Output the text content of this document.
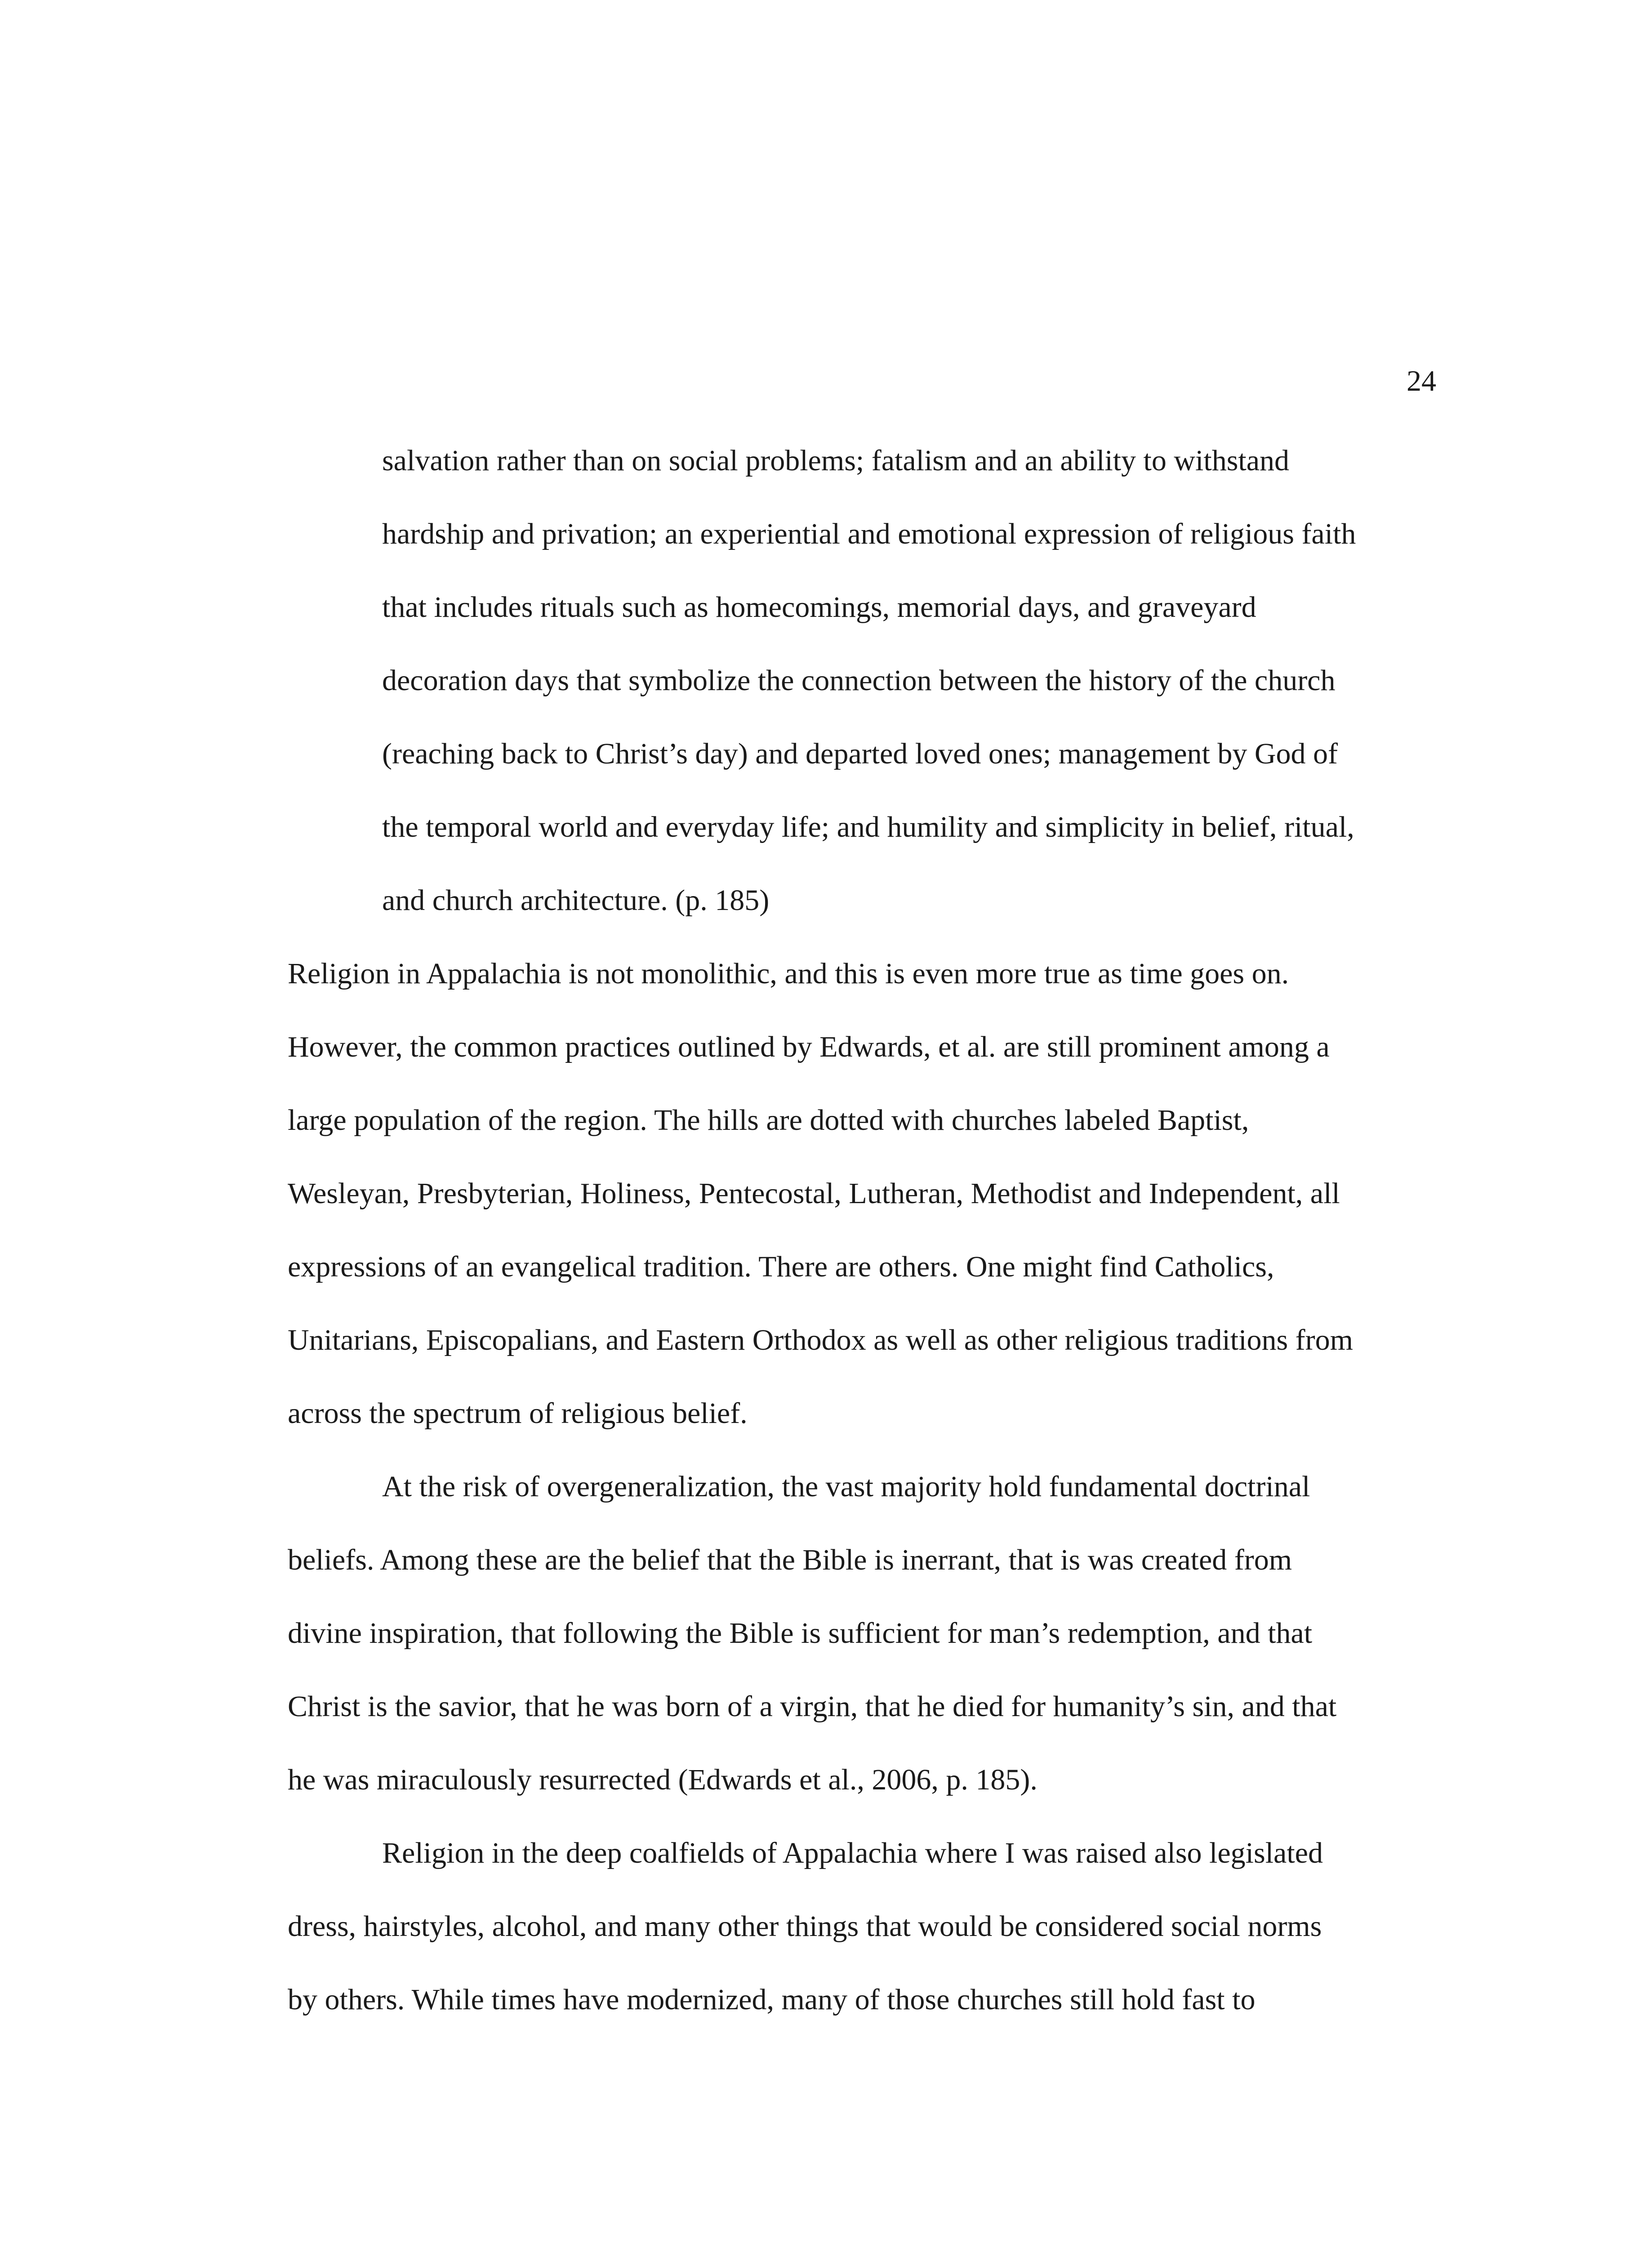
24
salvation rather than on social problems; fatalism and an ability to withstand
hardship and privation; an experiential and emotional expression of religious faith
that includes rituals such as homecomings, memorial days, and graveyard
decoration days that symbolize the connection between the history of the church
(reaching back to Christ’s day) and departed loved ones; management by God of
the temporal world and everyday life; and humility and simplicity in belief, ritual,
and church architecture. (p. 185)
Religion in Appalachia is not monolithic, and this is even more true as time goes on.
However, the common practices outlined by Edwards, et al. are still prominent among a
large population of the region. The hills are dotted with churches labeled Baptist,
Wesleyan, Presbyterian, Holiness, Pentecostal, Lutheran, Methodist and Independent, all
expressions of an evangelical tradition. There are others. One might find Catholics,
Unitarians, Episcopalians, and Eastern Orthodox as well as other religious traditions from
across the spectrum of religious belief.
At the risk of overgeneralization, the vast majority hold fundamental doctrinal
beliefs. Among these are the belief that the Bible is inerrant, that is was created from
divine inspiration, that following the Bible is sufficient for man’s redemption, and that
Christ is the savior, that he was born of a virgin, that he died for humanity’s sin, and that
he was miraculously resurrected (Edwards et al., 2006, p. 185).
Religion in the deep coalfields of Appalachia where I was raised also legislated
dress, hairstyles, alcohol, and many other things that would be considered social norms
by others. While times have modernized, many of those churches still hold fast to
